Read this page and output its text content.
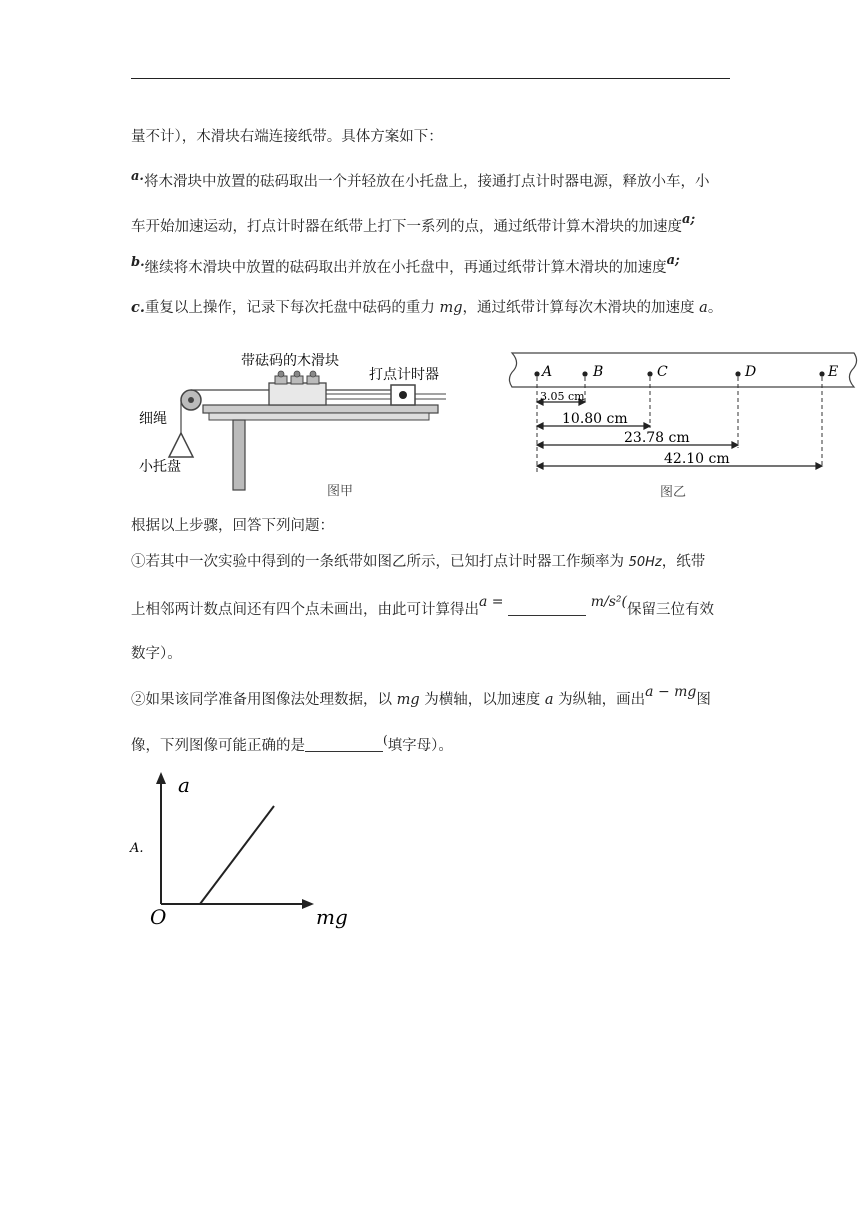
量不计），木滑块右端连接纸带。具体方案如下：
a.将木滑块中放置的砝码取出一个并轻放在小托盘上，接通打点计时器电源，释放小车，小
车开始加速运动，打点计时器在纸带上打下一系列的点，通过纸带计算木滑块的加速度a;
b.继续将木滑块中放置的砝码取出并放在小托盘中，再通过纸带计算木滑块的加速度a;
c.重复以上操作，记录下每次托盘中砝码的重力 mg，通过纸带计算每次木滑块的加速度 a。
带砝码的木滑块
打点计时器
细绳
小托盘
图甲
A	B	C	D	E
3.05 cm
10.80 cm
23.78 cm
42.10 cm
图乙
根据以上步骤，回答下列问题：
①若其中一次实验中得到的一条纸带如图乙所示，已知打点计时器工作频率为 50Hz，纸带
上相邻两计数点间还有四个点未画出，由此可计算得出a =	m/s²(保留三位有效
数字）。
②如果该同学准备用图像法处理数据，以 mg 为横轴，以加速度 a 为纵轴，画出a − mg图
像，下列图像可能正确的是	(填字母）。
A.
a
mg
O
